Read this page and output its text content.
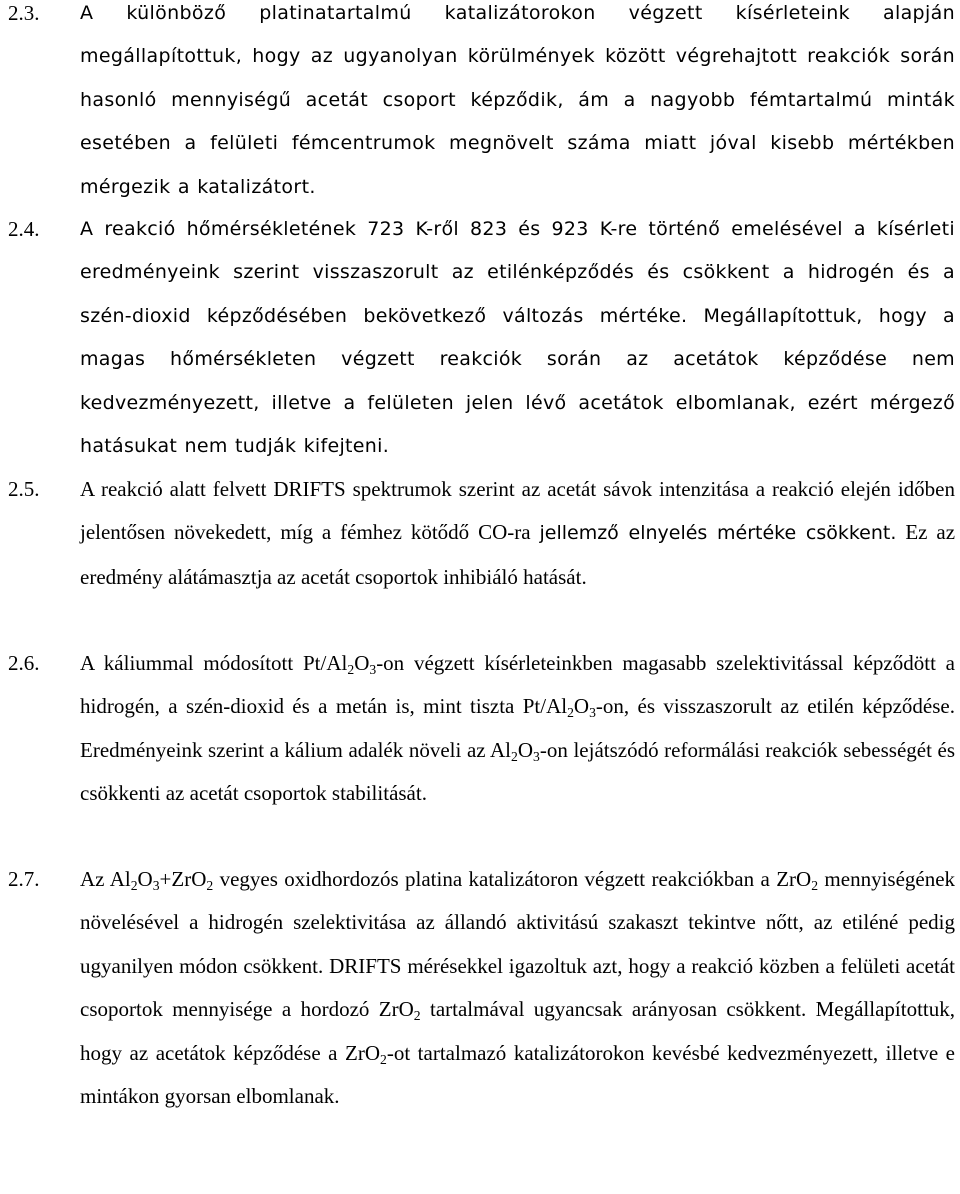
2.3. A különböző platinatartalmú katalizátorokon végzett kísérleteink alapján megállapítottuk, hogy az ugyanolyan körülmények között végrehajtott reakciók során hasonló mennyiségű acetát csoport képződik, ám a nagyobb fémtartalmú minták esetében a felületi fémcentrumok megnövelt száma miatt jóval kisebb mértékben mérgezik a katalizátort.

2.4. A reakció hőmérsékletének 723 K-ről 823 és 923 K-re történő emelésével a kísérleti eredményeink szerint visszaszorult az etilénképződés és csökkent a hidrogén és a szén-dioxid képződésében bekövetkező változás mértéke. Megállapítottuk, hogy a magas hőmérsékleten végzett reakciók során az acetátok képződése nem kedvezményezett, illetve a felületen jelen lévő acetátok elbomlanak, ezért mérgező hatásukat nem tudják kifejteni.

2.5. A reakció alatt felvett DRIFTS spektrumok szerint az acetát sávok intenzitása a reakció elején időben jelentősen növekedett, míg a fémhez kötődő CO-ra jellemző elnyelés mértéke csökkent. Ez az eredmény alátámasztja az acetát csoportok inhibiáló hatását.

2.6. A káliummal módosított $Pt/Al_2O_3-on$ végzett kísérleteinkben magasabb szelektivitással képződött a hidrogén, a szén-dioxid és a metán is, mint tiszta $Pt/Al_2O_3-on$, és visszaszorult az etilén képződése. Eredményeink szerint a kálium adalék növeli az $Al_2O_3-on$ lejátszódó reformálási reakciók sebességét és csökkenti az acetát csoportok stabilitását.

2.7. Az $Al_2O_3+ZrO_2$ vegyes oxidhordozós platina katalizátoron végzett reakciókban a ZrO$_2$ mennyiségének növelésével a hidrogén szelektivitása az állandó aktivitású szakaszt tekintve nőtt, az etiléné pedig ugyanilyen módon csökkent. DRIFTS mérésekkel igazoltuk azt, hogy a reakció közben a felületi acetát csoportok mennyisége a hordozó ZrO$_2$ tartalmával ugyancsak arányosan csökkent. Megállapítottuk, hogy az acetátok képződése a ZrO$_2$-ot tartalmazó katalizátorokon kevésbé kedvezményezett, illetve e mintákon gyorsan elbomlanak.
